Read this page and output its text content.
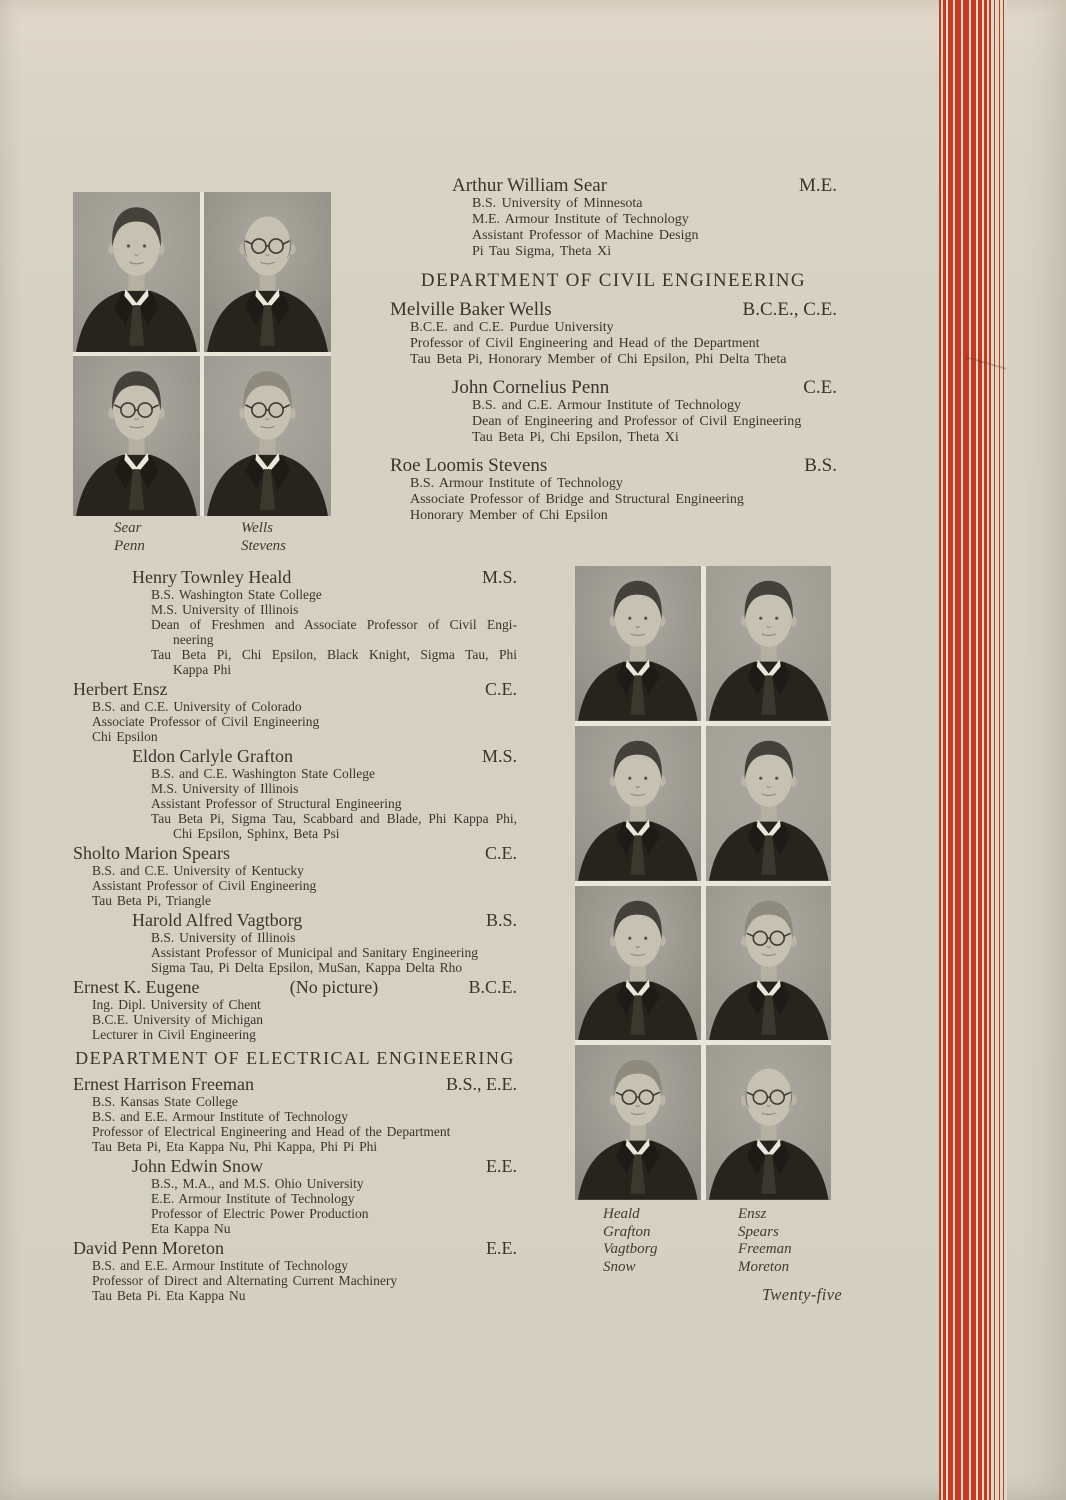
Sear	Wells
Penn	Stevens
Arthur William Sear	M.E.
B.S. University of Minnesota
M.E. Armour Institute of Technology
Assistant Professor of Machine Design
Pi Tau Sigma, Theta Xi
DEPARTMENT OF CIVIL ENGINEERING
Melville Baker Wells	B.C.E., C.E.
B.C.E. and C.E. Purdue University
Professor of Civil Engineering and Head of the Department
Tau Beta Pi, Honorary Member of Chi Epsilon, Phi Delta Theta
John Cornelius Penn	C.E.
B.S. and C.E. Armour Institute of Technology
Dean of Engineering and Professor of Civil Engineering
Tau Beta Pi, Chi Epsilon, Theta Xi
Roe Loomis Stevens	B.S.
B.S. Armour Institute of Technology
Associate Professor of Bridge and Structural Engineering
Honorary Member of Chi Epsilon
Henry Townley Heald	M.S.
B.S. Washington State College
M.S. University of Illinois
Dean of Freshmen and Associate Professor of Civil Engi-
neering
Tau Beta Pi, Chi Epsilon, Black Knight, Sigma Tau, Phi
Kappa Phi
Herbert Ensz	C.E.
B.S. and C.E. University of Colorado
Associate Professor of Civil Engineering
Chi Epsilon
Eldon Carlyle Grafton	M.S.
B.S. and C.E. Washington State College
M.S. University of Illinois
Assistant Professor of Structural Engineering
Tau Beta Pi, Sigma Tau, Scabbard and Blade, Phi Kappa Phi,
Chi Epsilon, Sphinx, Beta Psi
Sholto Marion Spears	C.E.
B.S. and C.E. University of Kentucky
Assistant Professor of Civil Engineering
Tau Beta Pi, Triangle
Harold Alfred Vagtborg	B.S.
B.S. University of Illinois
Assistant Professor of Municipal and Sanitary Engineering
Sigma Tau, Pi Delta Epsilon, MuSan, Kappa Delta Rho
Ernest K. Eugene	(No picture)	B.C.E.
Ing. Dipl. University of Chent
B.C.E. University of Michigan
Lecturer in Civil Engineering
DEPARTMENT OF ELECTRICAL ENGINEERING
Ernest Harrison Freeman	B.S., E.E.
B.S. Kansas State College
B.S. and E.E. Armour Institute of Technology
Professor of Electrical Engineering and Head of the Department
Tau Beta Pi, Eta Kappa Nu, Phi Kappa, Phi Pi Phi
John Edwin Snow	E.E.
B.S., M.A., and M.S. Ohio University
E.E. Armour Institute of Technology
Professor of Electric Power Production
Eta Kappa Nu
David Penn Moreton	E.E.
B.S. and E.E. Armour Institute of Technology
Professor of Direct and Alternating Current Machinery
Tau Beta Pi. Eta Kappa Nu
Heald	Ensz
Grafton	Spears
Vagtborg	Freeman
Snow	Moreton
Twenty-five
